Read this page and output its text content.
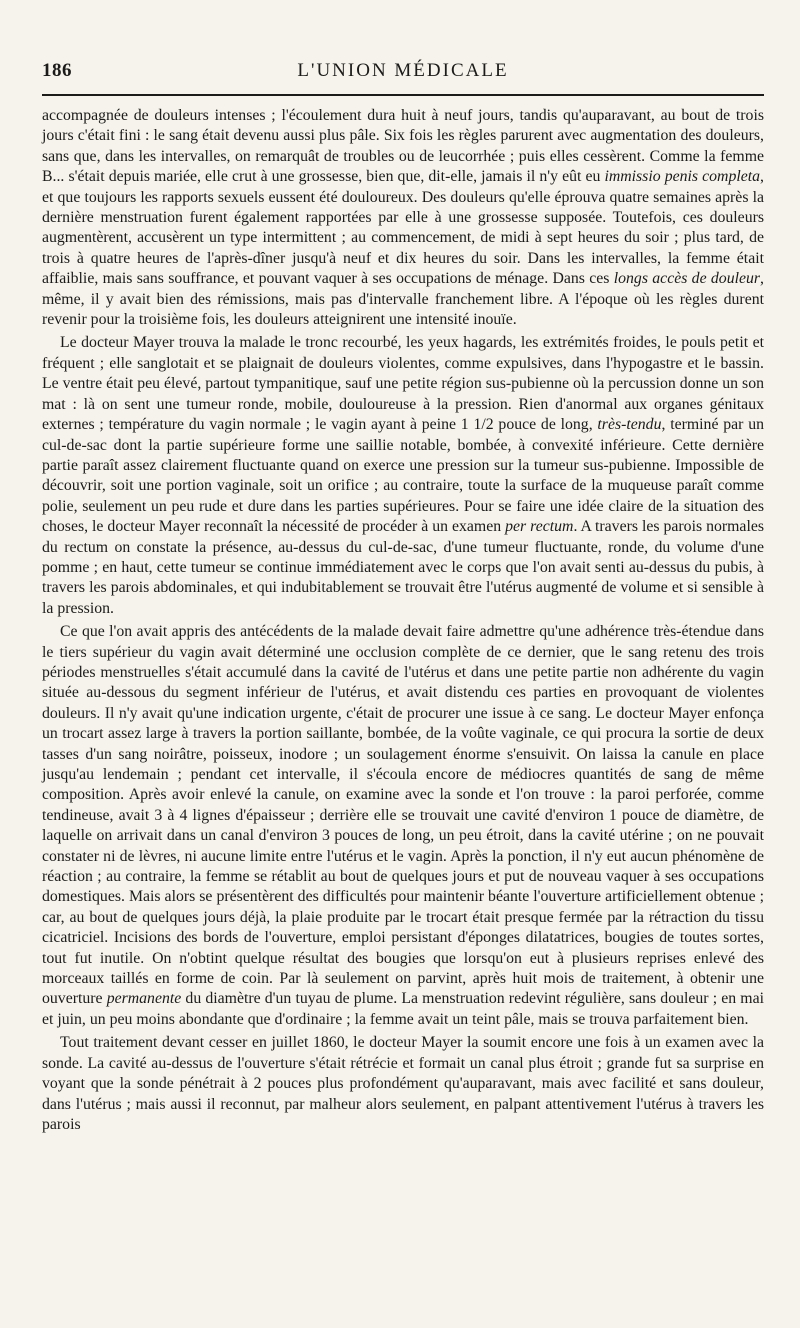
186	L'UNION MÉDICALE

accompagnée de douleurs intenses ; l'écoulement dura huit à neuf jours, tandis qu'auparavant, au bout de trois jours c'était fini : le sang était devenu aussi plus pâle. Six fois les règles parurent avec augmentation des douleurs, sans que, dans les intervalles, on remarquât de troubles ou de leucorrhée ; puis elles cessèrent. Comme la femme B... s'était depuis mariée, elle crut à une grossesse, bien que, dit-elle, jamais il n'y eût eu immissio penis completa, et que toujours les rapports sexuels eussent été douloureux. Des douleurs qu'elle éprouva quatre semaines après la dernière menstruation furent également rapportées par elle à une grossesse supposée. Toutefois, ces douleurs augmentèrent, accusèrent un type intermittent ; au commencement, de midi à sept heures du soir ; plus tard, de trois à quatre heures de l'après-dîner jusqu'à neuf et dix heures du soir. Dans les intervalles, la femme était affaiblie, mais sans souffrance, et pouvant vaquer à ses occupations de ménage. Dans ces longs accès de douleur, même, il y avait bien des rémissions, mais pas d'intervalle franchement libre. A l'époque où les règles durent revenir pour la troisième fois, les douleurs atteignirent une intensité inouïe.

Le docteur Mayer trouva la malade le tronc recourbé, les yeux hagards, les extrémités froides, le pouls petit et fréquent ; elle sanglotait et se plaignait de douleurs violentes, comme expulsives, dans l'hypogastre et le bassin. Le ventre était peu élevé, partout tympanitique, sauf une petite région sus-pubienne où la percussion donne un son mat : là on sent une tumeur ronde, mobile, douloureuse à la pression. Rien d'anormal aux organes génitaux externes ; température du vagin normale ; le vagin ayant à peine 1 1/2 pouce de long, très-tendu, terminé par un cul-de-sac dont la partie supérieure forme une saillie notable, bombée, à convexité inférieure. Cette dernière partie paraît assez clairement fluctuante quand on exerce une pression sur la tumeur sus-pubienne. Impossible de découvrir, soit une portion vaginale, soit un orifice ; au contraire, toute la surface de la muqueuse paraît comme polie, seulement un peu rude et dure dans les parties supérieures. Pour se faire une idée claire de la situation des choses, le docteur Mayer reconnaît la nécessité de procéder à un examen per rectum. A travers les parois normales du rectum on constate la présence, au-dessus du cul-de-sac, d'une tumeur fluctuante, ronde, du volume d'une pomme ; en haut, cette tumeur se continue immédiatement avec le corps que l'on avait senti au-dessus du pubis, à travers les parois abdominales, et qui indubitablement se trouvait être l'utérus augmenté de volume et si sensible à la pression.

Ce que l'on avait appris des antécédents de la malade devait faire admettre qu'une adhérence très-étendue dans le tiers supérieur du vagin avait déterminé une occlusion complète de ce dernier, que le sang retenu des trois périodes menstruelles s'était accumulé dans la cavité de l'utérus et dans une petite partie non adhérente du vagin située au-dessous du segment inférieur de l'utérus, et avait distendu ces parties en provoquant de violentes douleurs. Il n'y avait qu'une indication urgente, c'était de procurer une issue à ce sang. Le docteur Mayer enfonça un trocart assez large à travers la portion saillante, bombée, de la voûte vaginale, ce qui procura la sortie de deux tasses d'un sang noirâtre, poisseux, inodore ; un soulagement énorme s'ensuivit. On laissa la canule en place jusqu'au lendemain ; pendant cet intervalle, il s'écoula encore de médiocres quantités de sang de même composition. Après avoir enlevé la canule, on examine avec la sonde et l'on trouve : la paroi perforée, comme tendineuse, avait 3 à 4 lignes d'épaisseur ; derrière elle se trouvait une cavité d'environ 1 pouce de diamètre, de laquelle on arrivait dans un canal d'environ 3 pouces de long, un peu étroit, dans la cavité utérine ; on ne pouvait constater ni de lèvres, ni aucune limite entre l'utérus et le vagin. Après la ponction, il n'y eut aucun phénomène de réaction ; au contraire, la femme se rétablit au bout de quelques jours et put de nouveau vaquer à ses occupations domestiques. Mais alors se présentèrent des difficultés pour maintenir béante l'ouverture artificiellement obtenue ; car, au bout de quelques jours déjà, la plaie produite par le trocart était presque fermée par la rétraction du tissu cicatriciel. Incisions des bords de l'ouverture, emploi persistant d'éponges dilatatrices, bougies de toutes sortes, tout fut inutile. On n'obtint quelque résultat des bougies que lorsqu'on eut à plusieurs reprises enlevé des morceaux taillés en forme de coin. Par là seulement on parvint, après huit mois de traitement, à obtenir une ouverture permanente du diamètre d'un tuyau de plume. La menstruation redevint régulière, sans douleur ; en mai et juin, un peu moins abondante que d'ordinaire ; la femme avait un teint pâle, mais se trouva parfaitement bien.

Tout traitement devant cesser en juillet 1860, le docteur Mayer la soumit encore une fois à un examen avec la sonde. La cavité au-dessus de l'ouverture s'était rétrécie et formait un canal plus étroit ; grande fut sa surprise en voyant que la sonde pénétrait à 2 pouces plus profondément qu'auparavant, mais avec facilité et sans douleur, dans l'utérus ; mais aussi il reconnut, par malheur alors seulement, en palpant attentivement l'utérus à travers les parois
